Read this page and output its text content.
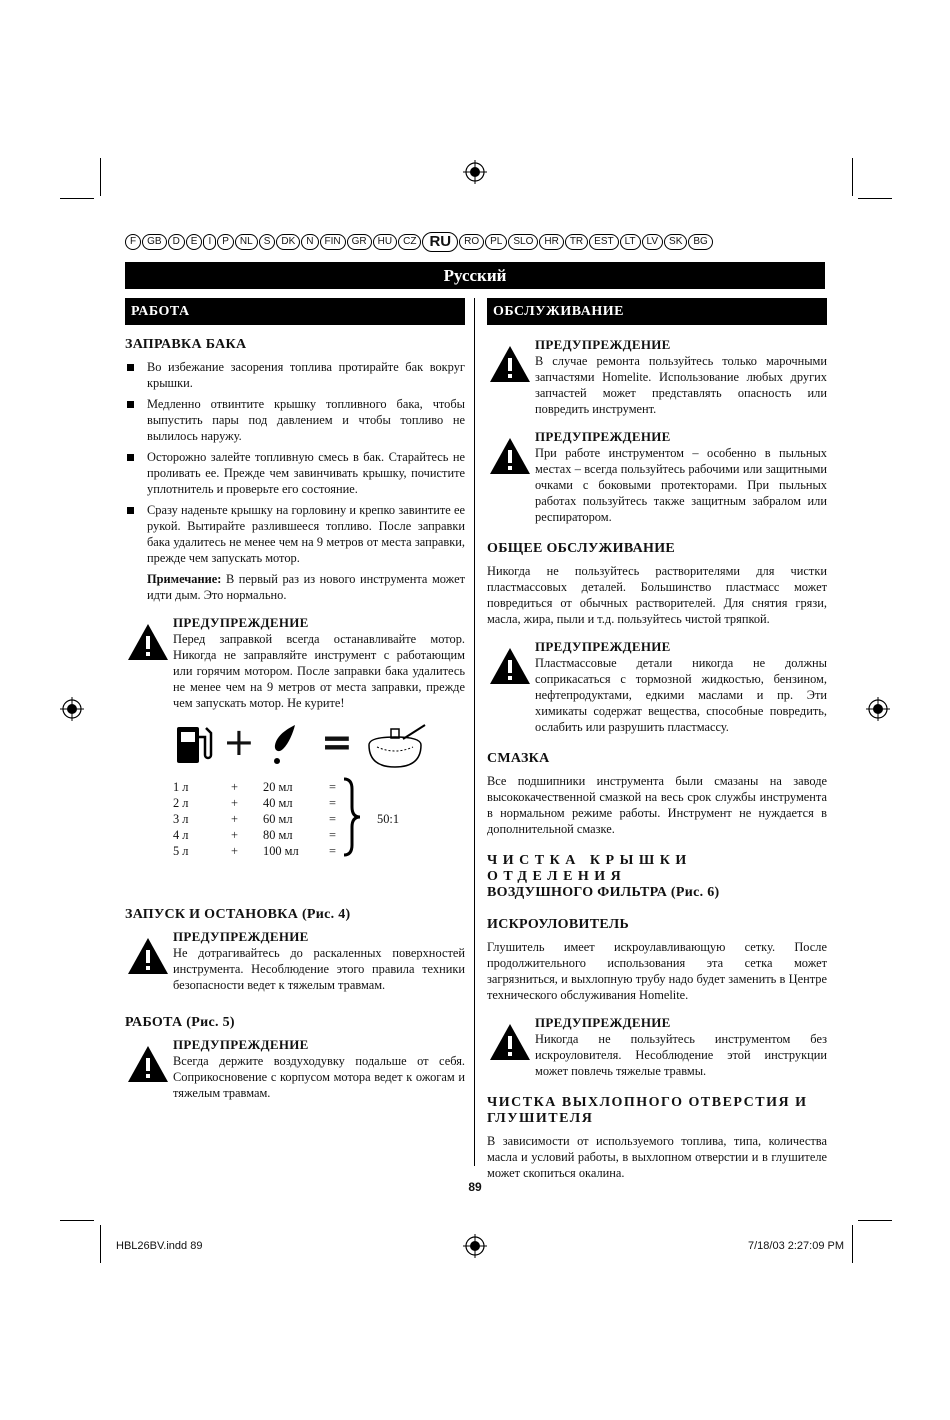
F	GB	D	E	I	P	NL	S	DK	N	FIN	GR	HU	CZ RU	RO	PL	SLO	HR	TR	EST	LT	LV	SK	BG
Русский
РАБОТА
ЗАПРАВКА БАКА
Во избежание засорения топлива протирайте бак вокруг крышки.
Медленно отвинтите крышку топливного бака, чтобы выпустить пары под давлением и чтобы топливо не вылилось наружу.
Осторожно залейте топливную смесь в бак. Старайтесь не проливать ее. Прежде чем завинчивать крышку, почистите уплотнитель и проверьте его состояние.
Сразу наденьте крышку на горловину и крепко завинтите ее рукой. Вытирайте разлившееся топливо. После заправки бака удалитесь не менее чем на 9 метров от места заправки, прежде чем запускать мотор.
Примечание: В первый раз из нового инструмента может идти дым. Это нормально.
ПРЕДУПРЕЖДЕНИЕ
Перед заправкой всегда останавливайте мотор. Никогда не заправляйте инструмент с работающим или горячим мотором. После заправки бака удалитесь не менее чем на 9 метров от места заправки, прежде чем запускать мотор. Не курите!
+ =
1 л	+ 20 мл	=
2 л	+ 40 мл	=
3 л	+ 60 мл	=
4 л	+ 80 мл	=
5 л	+ 100 мл =
50:1
ЗАПУСК И ОСТАНОВКА (Рис. 4)
ПРЕДУПРЕЖДЕНИЕ
Не дотрагивайтесь до раскаленных поверхностей инструмента. Несоблюдение этого правила техники безопасности ведет к тяжелым травмам.
РАБОТА (Рис. 5)
ПРЕДУПРЕЖДЕНИЕ
Всегда держите воздуходувку подальше от себя. Соприкосновение с корпусом мотора ведет к ожогам и тяжелым травмам.
ОБСЛУЖИВАНИЕ
ПРЕДУПРЕЖДЕНИЕ
В случае ремонта пользуйтесь только марочными запчастями Homelite. Использование любых других запчастей может представлять опасность или повредить инструмент.
ПРЕДУПРЕЖДЕНИЕ
При работе инструментом – особенно в пыльных местах – всегда пользуйтесь рабочими или защитными очками с боковыми протекторами. При пыльных работах пользуйтесь также защитным забралом или респиратором.
ОБЩЕЕ ОБСЛУЖИВАНИЕ

Никогда не пользуйтесь растворителями для чистки пластмассовых деталей. Большинство пластмасс может повредиться от обычных растворителей. Для снятия грязи, масла, жира, пыли и т.д. пользуйтесь чистой тряпкой.

ПРЕДУПРЕЖДЕНИЕ
Пластмассовые детали никогда не должны соприкасаться с тормозной жидкостью, бензином, нефтепродуктами, едкими маслами и пр. Эти химикаты содержат вещества, способные повредить, ослабить или разрушить пластмассу.
СМАЗКА

Все подшипники инструмента были смазаны на заводе высококачественной смазкой на весь срок службы инструмента в нормальном режиме работы. Инструмент не нуждается в дополнительной смазке.

ЧИСТКА КРЫШКИ ОТДЕЛЕНИЯ
ВОЗДУШНОГО ФИЛЬТРА (Рис. 6)
ИСКРОУЛОВИТЕЛЬ

Глушитель имеет искроулавливающую сетку. После продолжительного использования эта сетка может загрязниться, и выхлопную трубу надо будет заменить в Центре технического обслуживания Homelite.

ПРЕДУПРЕЖДЕНИЕ
Никогда не пользуйтесь инструментом без искроуловителя. Несоблюдение этой инструкции может повлечь тяжелые травмы.
ЧИСТКА ВЫХЛОПНОГО ОТВЕРСТИЯ И ГЛУШИТЕЛЯ

В зависимости от используемого топлива, типа, количества масла и условий работы, в выхлопном отверстии и в глушителе может скопиться окалина.

89
HBL26BV.indd 89	7/18/03 2:27:09 PM
